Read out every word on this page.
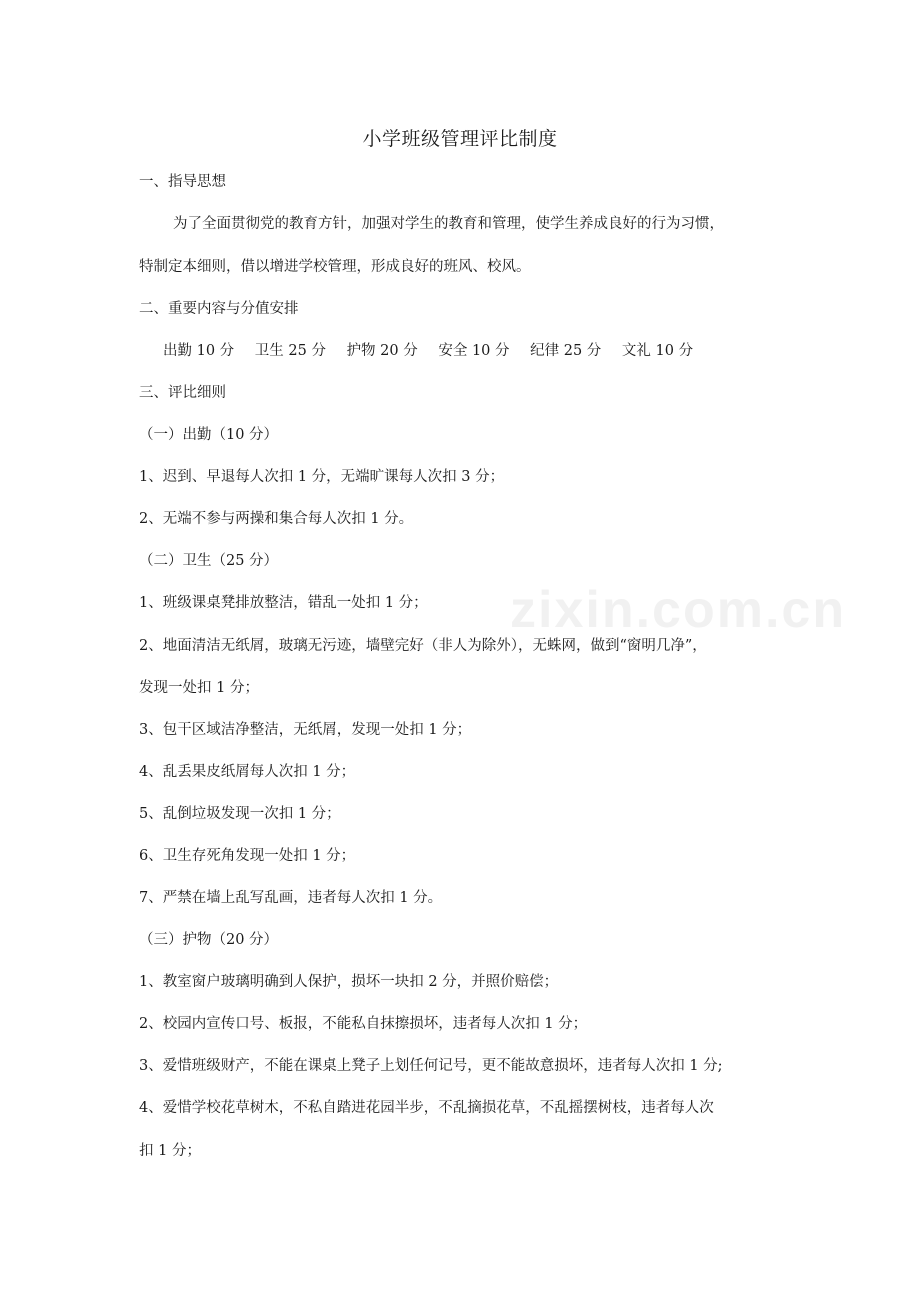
zixin.com.cn
小学班级管理评比制度
一、指导思想
为了全面贯彻党的教育方针，加强对学生的教育和管理，使学生养成良好的行为习惯，
特制定本细则，借以增进学校管理，形成良好的班风、校风。
二、重要内容与分值安排
出勤 10 分 卫生 25 分 护物 20 分 安全 10 分 纪律 25 分 文礼 10 分
三、评比细则
（一）出勤（10 分）
1、迟到、早退每人次扣 1 分，无端旷课每人次扣 3 分；
2、无端不参与两操和集合每人次扣 1 分。
（二）卫生（25 分）
1、班级课桌凳排放整洁，错乱一处扣 1 分；
2、地面清洁无纸屑，玻璃无污迹，墙壁完好（非人为除外），无蛛网，做到“窗明几净”，
发现一处扣 1 分；
3、包干区域洁净整洁，无纸屑，发现一处扣 1 分；
4、乱丢果皮纸屑每人次扣 1 分；
5、乱倒垃圾发现一次扣 1 分；
6、卫生存死角发现一处扣 1 分；
7、严禁在墙上乱写乱画，违者每人次扣 1 分。
（三）护物（20 分）
1、教室窗户玻璃明确到人保护，损坏一块扣 2 分，并照价赔偿；
2、校园内宣传口号、板报，不能私自抹擦损坏，违者每人次扣 1 分；
3、爱惜班级财产，不能在课桌上凳子上划任何记号，更不能故意损坏，违者每人次扣 1 分;
4、爱惜学校花草树木，不私自踏进花园半步，不乱摘损花草，不乱摇摆树枝，违者每人次
扣 1 分；
